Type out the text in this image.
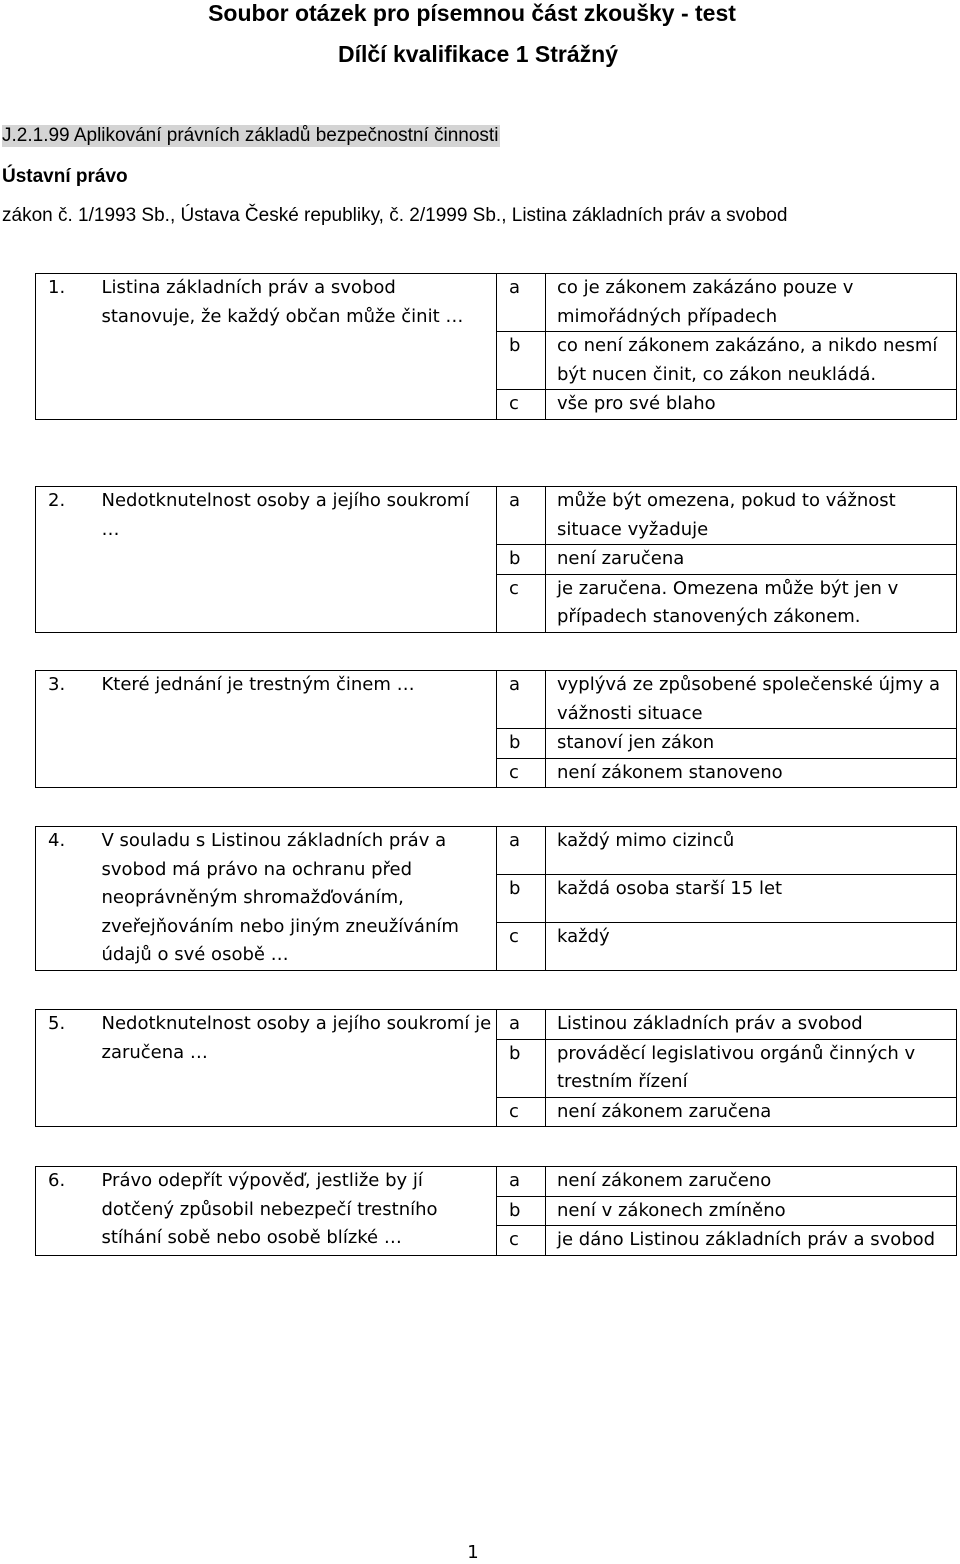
Soubor otázek pro písemnou část zkoušky - test
Dílčí kvalifikace 1 Strážný
J.2.1.99 Aplikování právních základů bezpečnostní činnosti
Ústavní právo
zákon č. 1/1993 Sb., Ústava České republiky, č. 2/1999 Sb., Listina základních práv a svobod
1.	Listina základních práv a svobod stanovuje, že každý občan může činit …	a	co je zákonem zakázáno pouze v mimořádných případech
		b	co není zákonem zakázáno, a nikdo nesmí být nucen činit, co zákon neukládá.
		c	vše pro své blaho
2.	Nedotknutelnost osoby a jejího soukromí …	a	může být omezena, pokud to vážnost situace vyžaduje
		b	není zaručena
		c	je zaručena. Omezena může být jen v případech stanovených zákonem.
3.	Které jednání je trestným činem …	a	vyplývá ze způsobené společenské újmy a vážnosti situace
		b	stanoví jen zákon
		c	není zákonem stanoveno
4.	V souladu s Listinou základních práv a svobod má právo na ochranu před neoprávněným shromažďováním, zveřejňováním nebo jiným zneužíváním údajů o své osobě …	a	každý mimo cizinců
		b	každá osoba starší 15 let
		c	každý
5.	Nedotknutelnost osoby a jejího soukromí je zaručena …	a	Listinou základních práv a svobod
		b	prováděcí legislativou orgánů činných v trestním řízení
		c	není zákonem zaručena
6.	Právo odepřít výpověď, jestliže by jí dotčený způsobil nebezpečí trestního stíhání sobě nebo osobě blízké …	a	není zákonem zaručeno
		b	není v zákonech zmíněno
		c	je dáno Listinou základních práv a svobod
1
